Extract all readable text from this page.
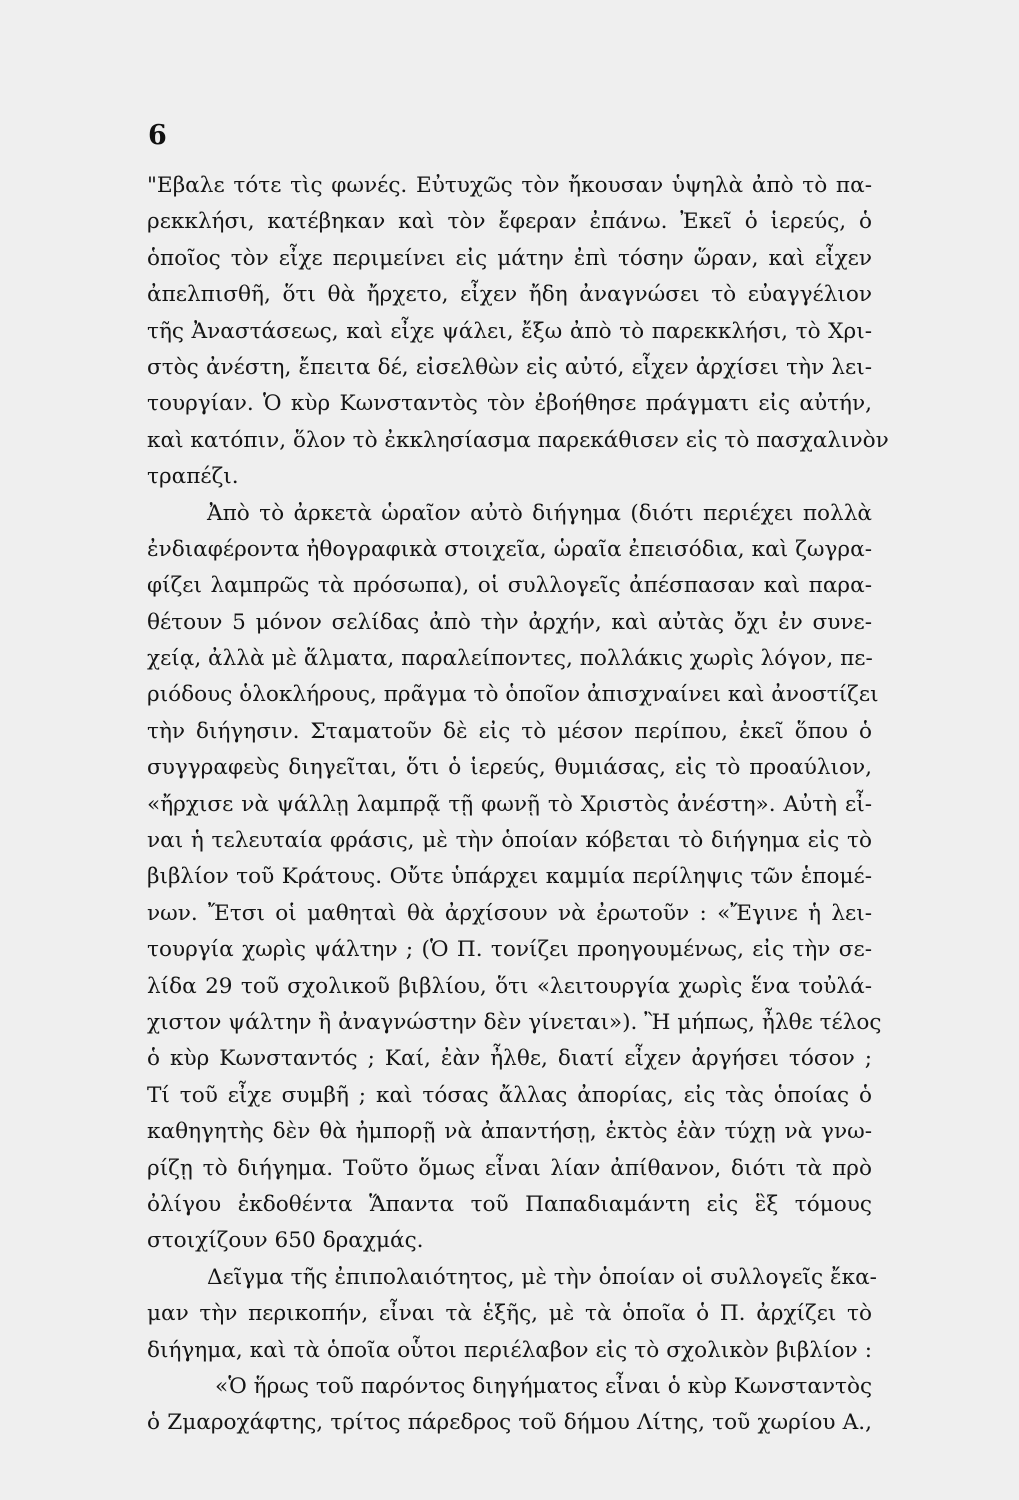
6
"Εβαλε τότε τὶς φωνές. Εὐτυχῶς τὸν ἤκουσαν ὑψηλὰ ἀπὸ τὸ πα-
ρεκκλήσι, κατέβηκαν καὶ τὸν ἔφεραν ἐπάνω. Ἐκεῖ ὁ ἱερεύς, ὁ
ὁποῖος τὸν εἶχε περιμείνει εἰς μάτην ἐπὶ τόσην ὥραν, καὶ εἶχεν
ἀπελπισθῆ, ὅτι θὰ ἤρχετο, εἶχεν ἤδη ἀναγνώσει τὸ εὐαγγέλιον
τῆς Ἀναστάσεως, καὶ εἶχε ψάλει, ἔξω ἀπὸ τὸ παρεκκλήσι, τὸ Χρι-
στὸς ἀνέστη, ἔπειτα δέ, εἰσελθὼν εἰς αὐτό, εἶχεν ἀρχίσει τὴν λει-
τουργίαν. Ὁ κὺρ Κωνσταντὸς τὸν ἐβοήθησε πράγματι εἰς αὐτήν,
καὶ κατόπιν, ὅλον τὸ ἐκκλησίασμα παρεκάθισεν εἰς τὸ πασχαλινὸν
τραπέζι.
Ἀπὸ τὸ ἀρκετὰ ὡραῖον αὐτὸ διήγημα (διότι περιέχει πολλὰ
ἐνδιαφέροντα ἠθογραφικὰ στοιχεῖα, ὡραῖα ἐπεισόδια, καὶ ζωγρα-
φίζει λαμπρῶς τὰ πρόσωπα), οἱ συλλογεῖς ἀπέσπασαν καὶ παρα-
θέτουν 5 μόνον σελίδας ἀπὸ τὴν ἀρχήν, καὶ αὐτὰς ὄχι ἐν συνε-
χείᾳ, ἀλλὰ μὲ ἅλματα, παραλείποντες, πολλάκις χωρὶς λόγον, πε-
ριόδους ὁλοκλήρους, πρᾶγμα τὸ ὁποῖον ἀπισχναίνει καὶ ἀνοστίζει
τὴν διήγησιν. Σταματοῦν δὲ εἰς τὸ μέσον περίπου, ἐκεῖ ὅπου ὁ
συγγραφεὺς διηγεῖται, ὅτι ὁ ἱερεύς, θυμιάσας, εἰς τὸ προαύλιον,
«ἤρχισε νὰ ψάλλῃ λαμπρᾷ τῇ φωνῇ τὸ Χριστὸς ἀνέστη». Αὐτὴ εἶ-
ναι ἡ τελευταία φράσις, μὲ τὴν ὁποίαν κόβεται τὸ διήγημα εἰς τὸ
βιβλίον τοῦ Κράτους. Οὔτε ὑπάρχει καμμία περίληψις τῶν ἑπομέ-
νων. Ἔτσι οἱ μαθηταὶ θὰ ἀρχίσουν νὰ ἐρωτοῦν : «Ἔγινε ἡ λει-
τουργία χωρὶς ψάλτην ; (Ὁ Π. τονίζει προηγουμένως, εἰς τὴν σε-
λίδα 29 τοῦ σχολικοῦ βιβλίου, ὅτι «λειτουργία χωρὶς ἕνα τοὐλά-
χιστον ψάλτην ἢ ἀναγνώστην δὲν γίνεται»). Ἢ μήπως, ἦλθε τέλος
ὁ κὺρ Κωνσταντός ; Καί, ἐὰν ἦλθε, διατί εἶχεν ἀργήσει τόσον ;
Τί τοῦ εἶχε συμβῆ ; καὶ τόσας ἄλλας ἀπορίας, εἰς τὰς ὁποίας ὁ
καθηγητὴς δὲν θὰ ἠμπορῇ νὰ ἀπαντήσῃ, ἐκτὸς ἐὰν τύχῃ νὰ γνω-
ρίζῃ τὸ διήγημα. Τοῦτο ὅμως εἶναι λίαν ἀπίθανον, διότι τὰ πρὸ
ὀλίγου ἐκδοθέντα Ἅπαντα τοῦ Παπαδιαμάντη εἰς ἓξ τόμους
στοιχίζουν 650 δραχμάς.
Δεῖγμα τῆς ἐπιπολαιότητος, μὲ τὴν ὁποίαν οἱ συλλογεῖς ἔκα-
μαν τὴν περικοπήν, εἶναι τὰ ἑξῆς, μὲ τὰ ὁποῖα ὁ Π. ἀρχίζει τὸ
διήγημα, καὶ τὰ ὁποῖα οὗτοι περιέλαβον εἰς τὸ σχολικὸν βιβλίον :
«Ὁ ἥρως τοῦ παρόντος διηγήματος εἶναι ὁ κὺρ Κωνσταντὸς
ὁ Ζμαροχάφτης, τρίτος πάρεδρος τοῦ δήμου Λίτης, τοῦ χωρίου Α.,
